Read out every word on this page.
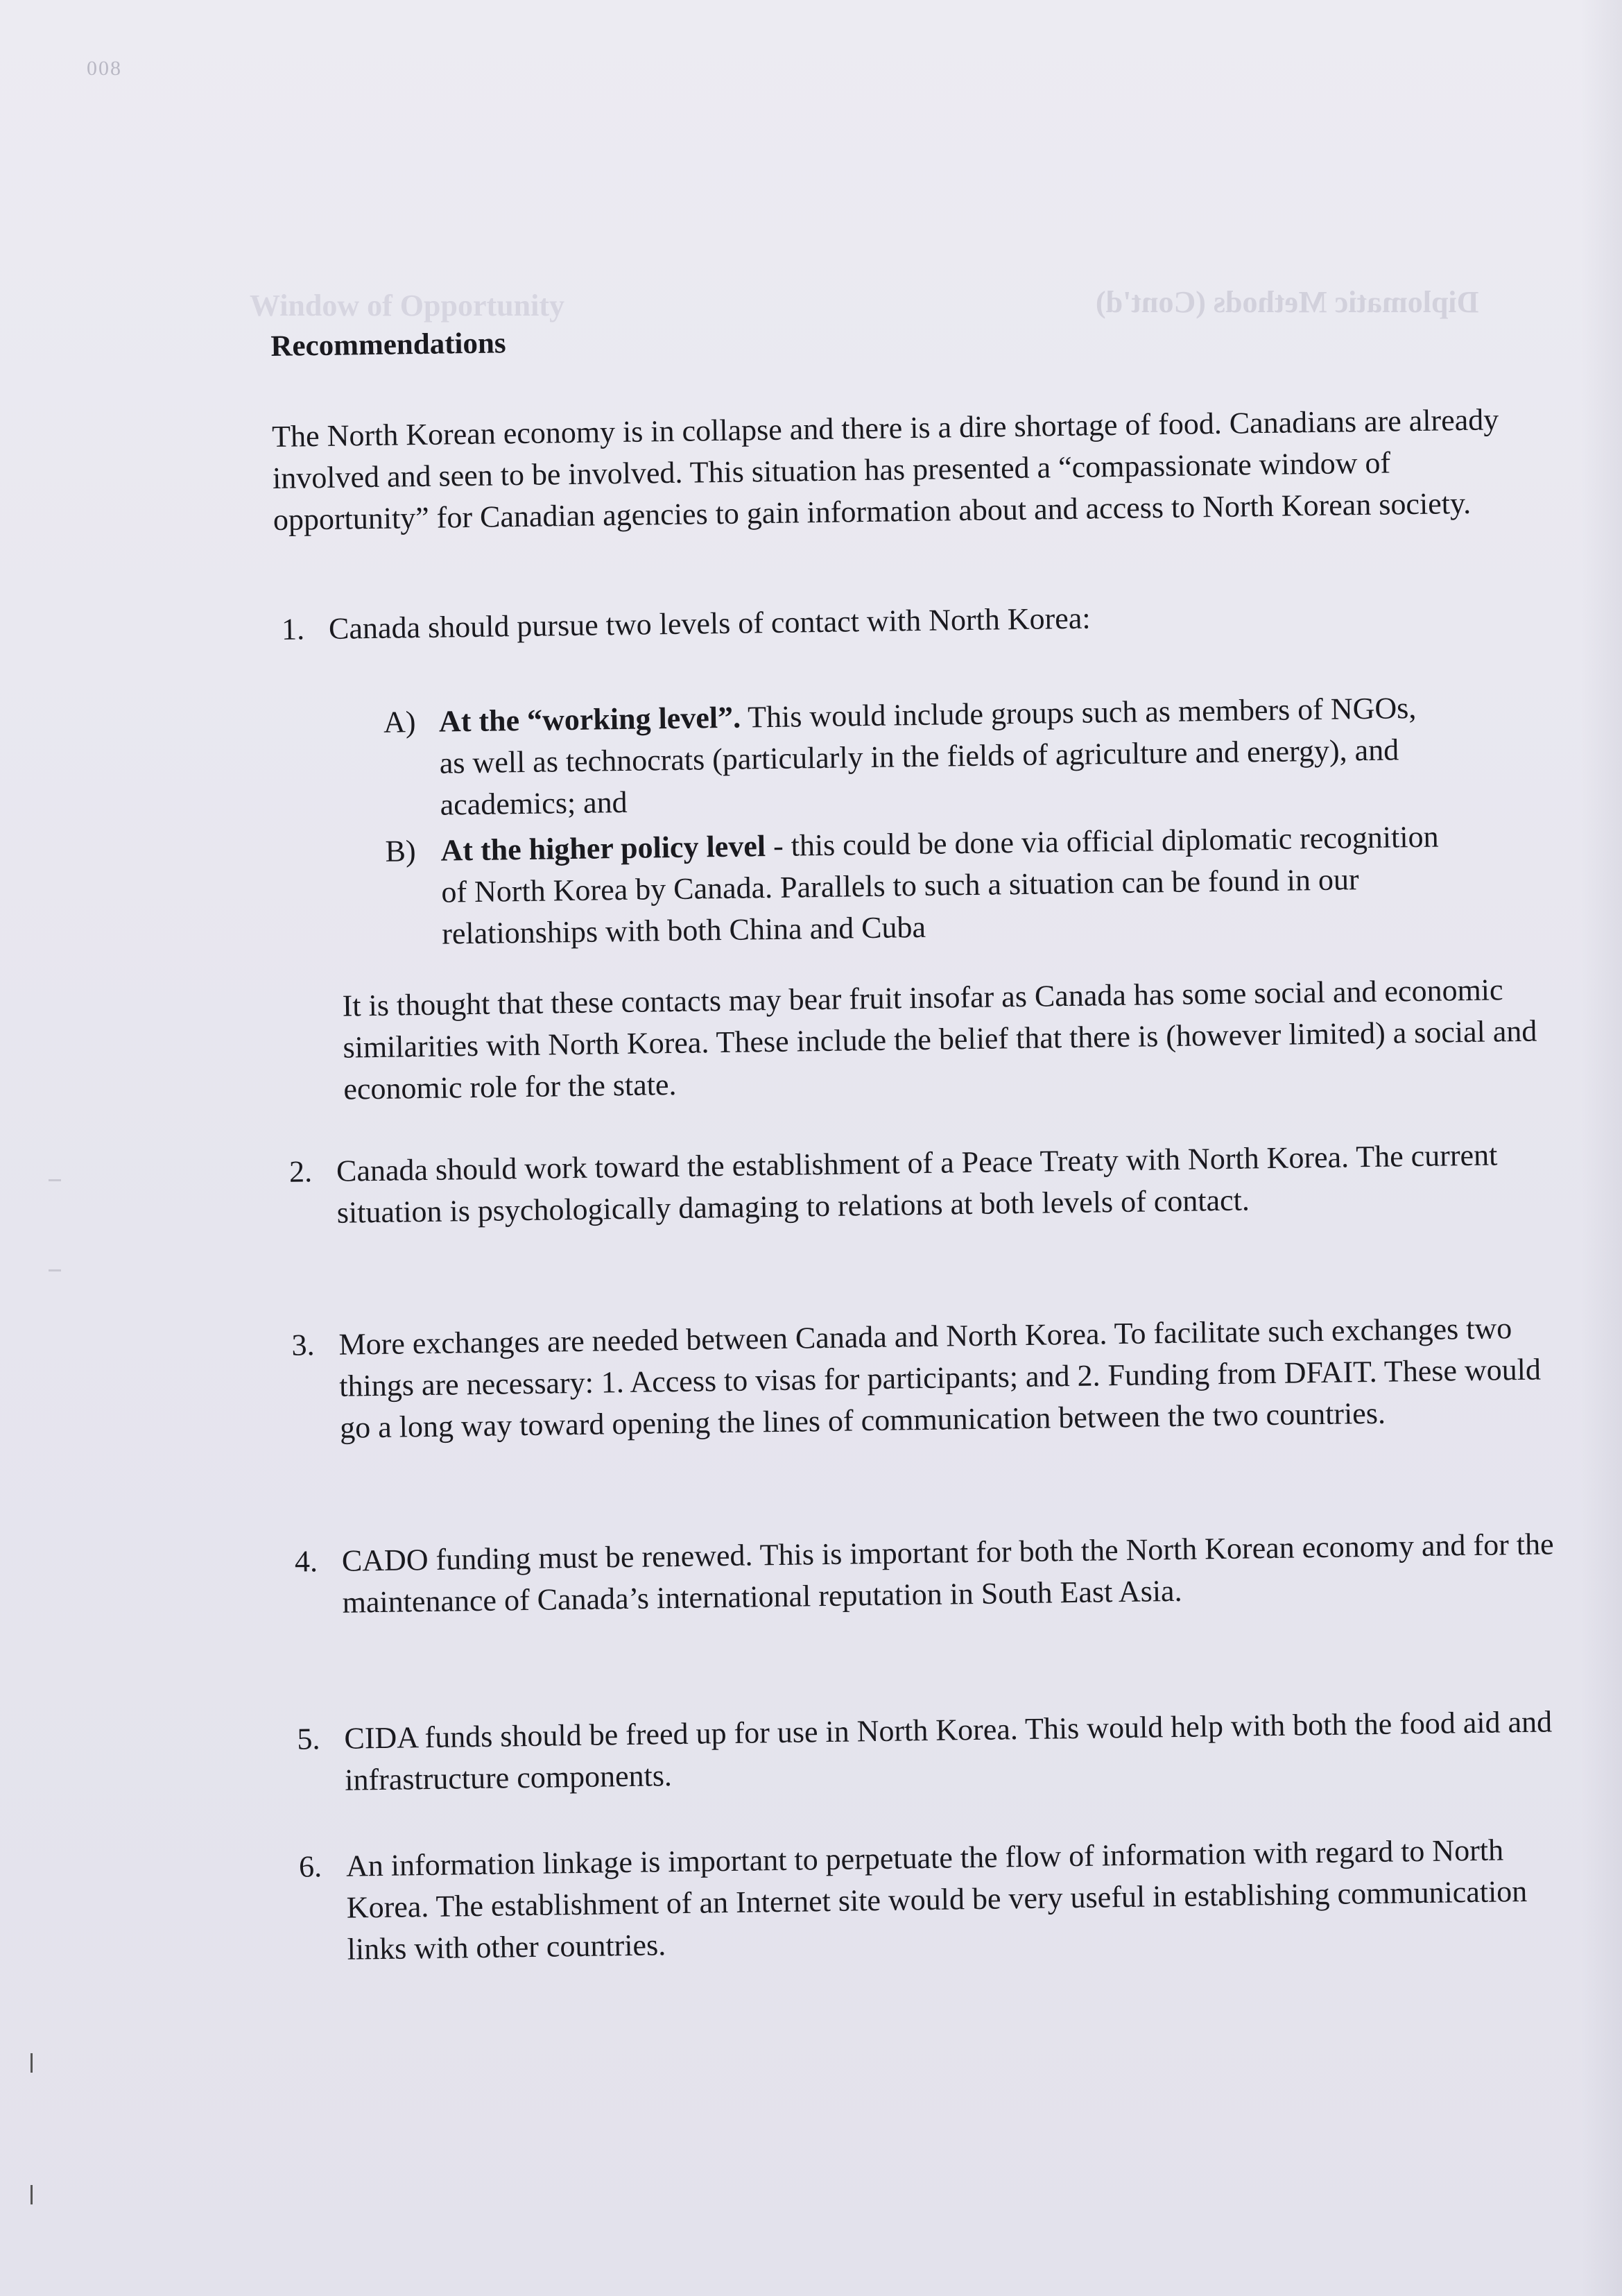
008
Diplomatic Methods (Cont'd)
Window of Opportunity
Recommendations

The North Korean economy is in collapse and there is a dire shortage of food. Canadians are already involved and seen to be involved. This situation has presented a “compassionate window of opportunity” for Canadian agencies to gain information about and access to North Korean society.

1. Canada should pursue two levels of contact with North Korea:
A) At the “working level”. This would include groups such as members of NGOs, as well as technocrats (particularly in the fields of agriculture and energy), and academics; and
B) At the higher policy level - this could be done via official diplomatic recognition of North Korea by Canada. Parallels to such a situation can be found in our relationships with both China and Cuba
It is thought that these contacts may bear fruit insofar as Canada has some social and economic similarities with North Korea. These include the belief that there is (however limited) a social and economic role for the state.
2. Canada should work toward the establishment of a Peace Treaty with North Korea. The current situation is psychologically damaging to relations at both levels of contact.
3. More exchanges are needed between Canada and North Korea. To facilitate such exchanges two things are necessary: 1. Access to visas for participants; and 2. Funding from DFAIT. These would go a long way toward opening the lines of communication between the two countries.
4. CADO funding must be renewed. This is important for both the North Korean economy and for the maintenance of Canada’s international reputation in South East Asia.
5. CIDA funds should be freed up for use in North Korea. This would help with both the food aid and infrastructure components.
6. An information linkage is important to perpetuate the flow of information with regard to North Korea. The establishment of an Internet site would be very useful in establishing communication links with other countries.
